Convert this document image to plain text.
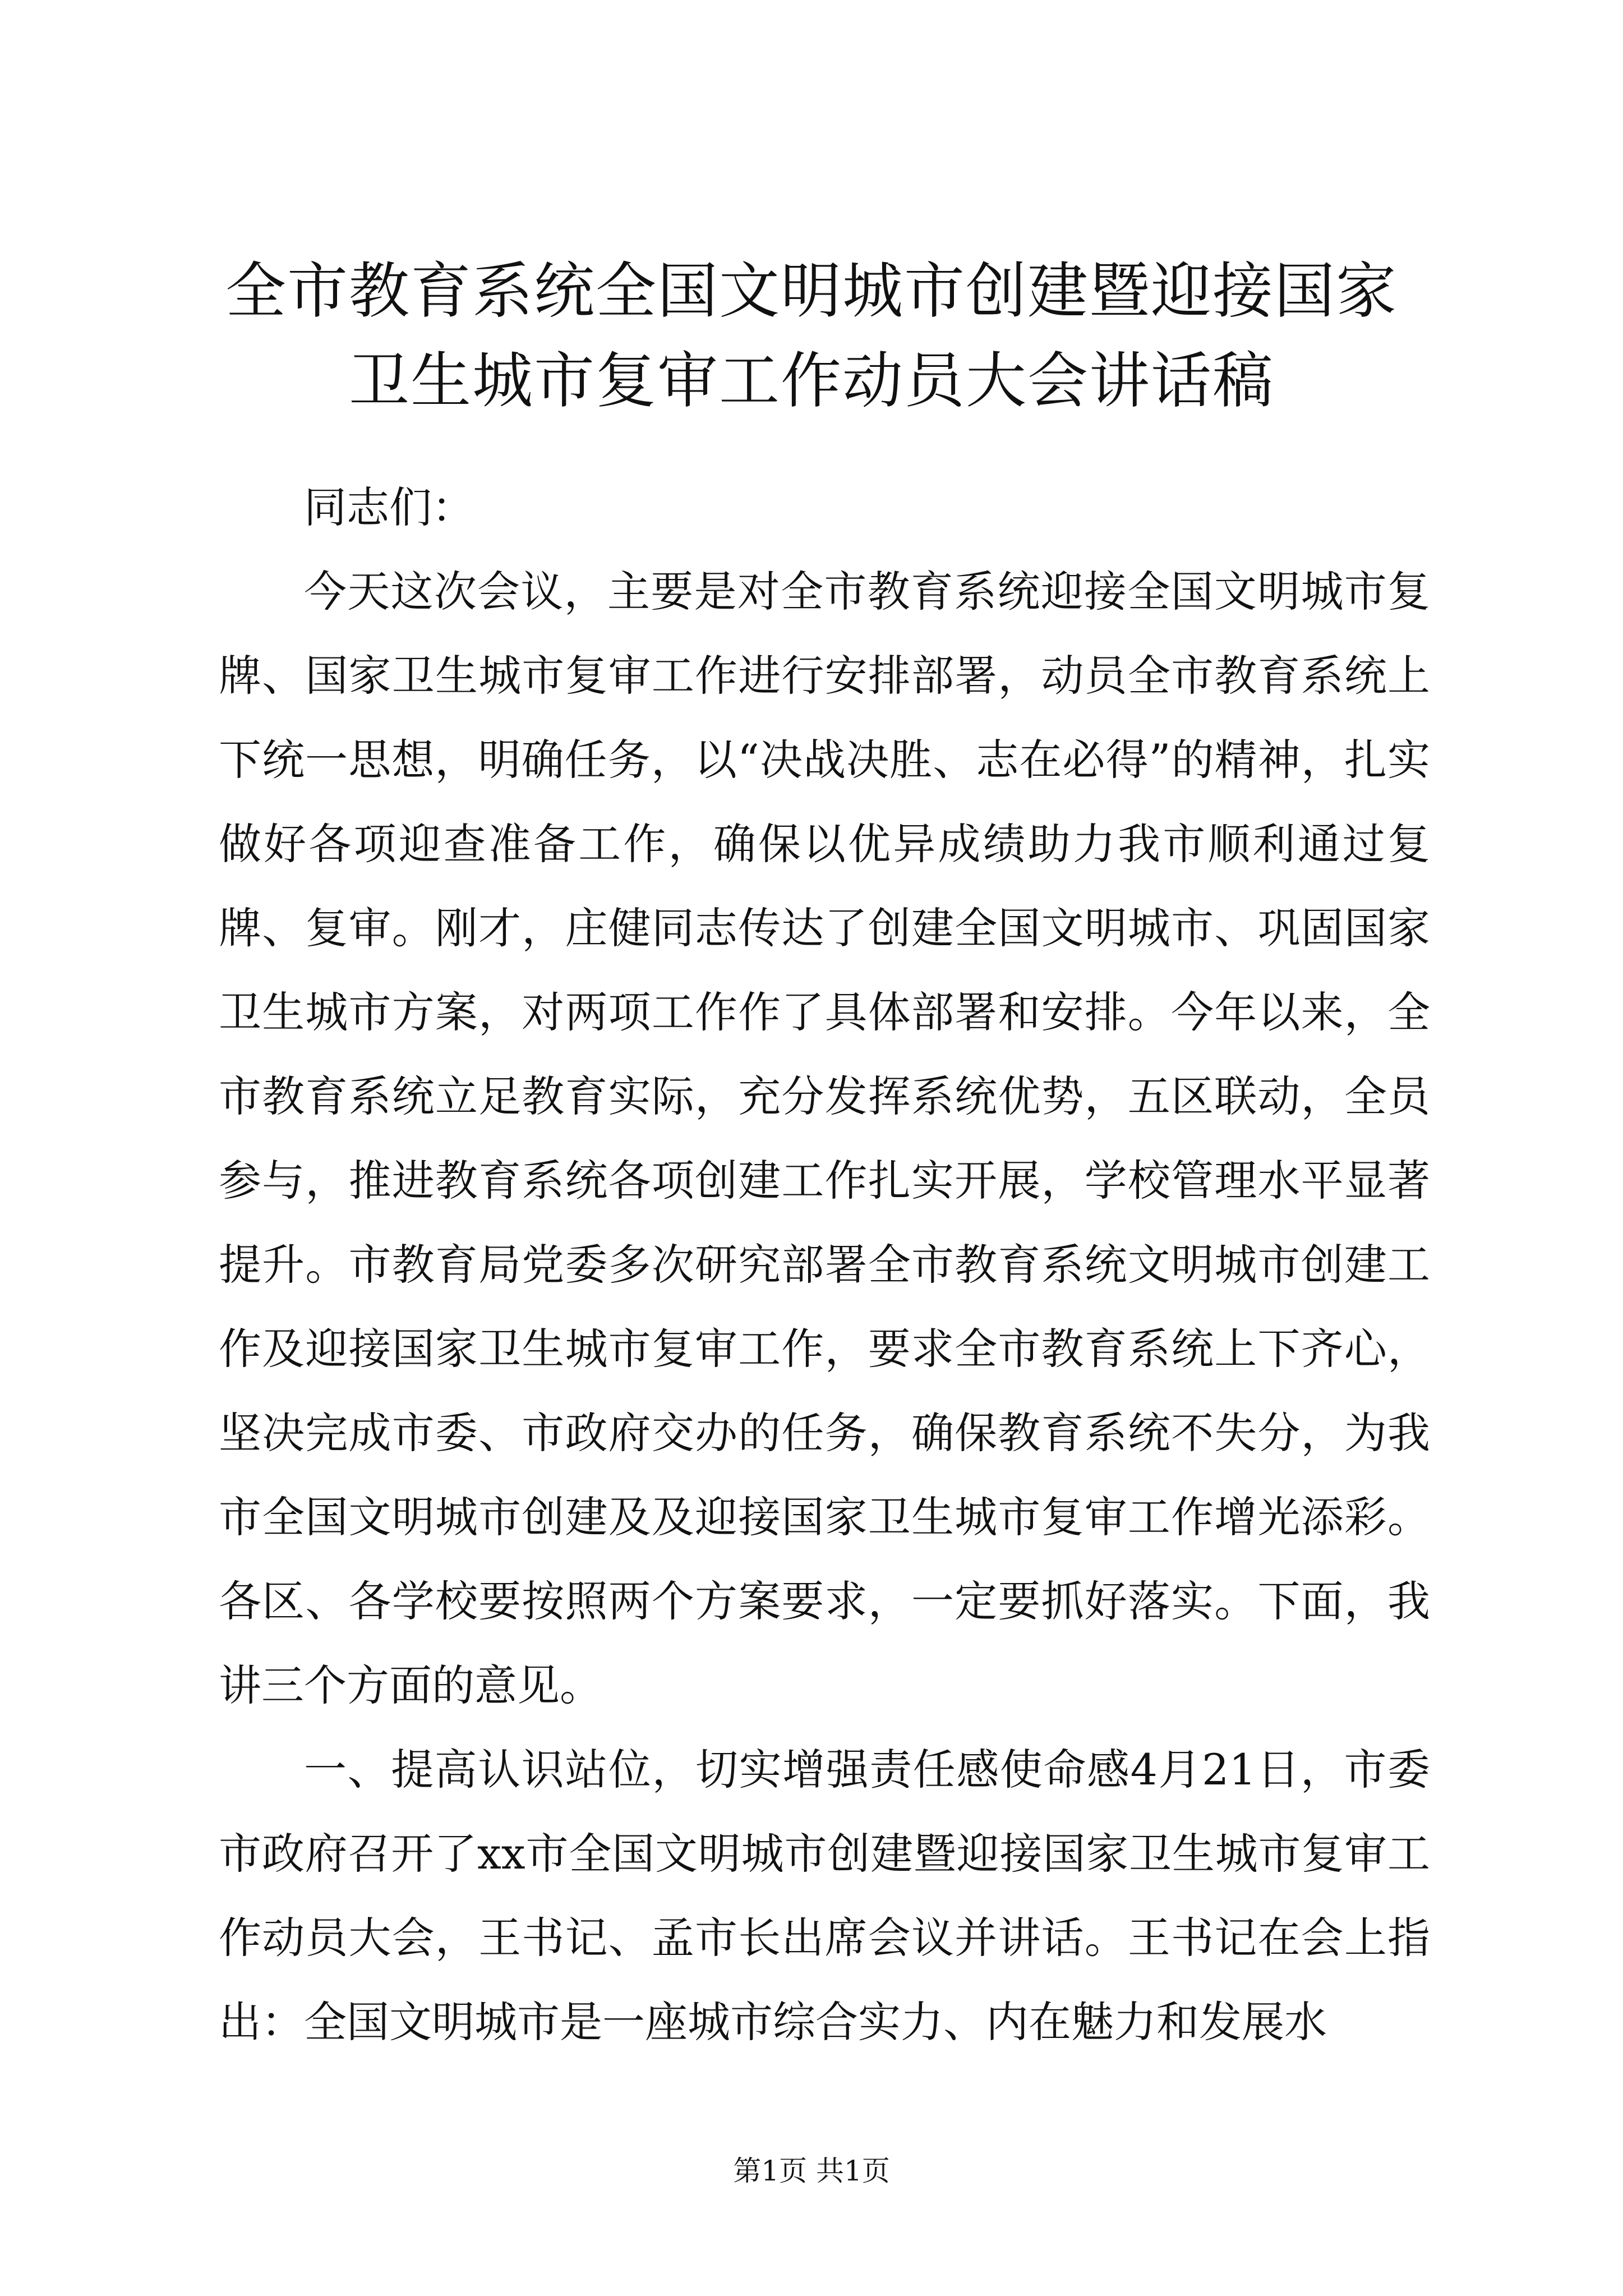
全市教育系统全国文明城市创建暨迎接国家卫生城市复审工作动员大会讲话稿

同志们：

今天这次会议，主要是对全市教育系统迎接全国文明城市复牌、国家卫生城市复审工作进行安排部署，动员全市教育系统上下统一思想，明确任务，以“决战决胜、志在必得”的精神，扎实做好各项迎查准备工作，确保以优异成绩助力我市顺利通过复牌、复审。刚才，庄健同志传达了创建全国文明城市、巩固国家卫生城市方案，对两项工作作了具体部署和安排。今年以来，全市教育系统立足教育实际，充分发挥系统优势，五区联动，全员参与，推进教育系统各项创建工作扎实开展，学校管理水平显著提升。市教育局党委多次研究部署全市教育系统文明城市创建工作及迎接国家卫生城市复审工作，要求全市教育系统上下齐心，坚决完成市委、市政府交办的任务，确保教育系统不失分，为我市全国文明城市创建及及迎接国家卫生城市复审工作增光添彩。各区、各学校要按照两个方案要求，一定要抓好落实。下面，我讲三个方面的意见。

一、提高认识站位，切实增强责任感使命感4月21日，市委市政府召开了xx市全国文明城市创建暨迎接国家卫生城市复审工作动员大会，王书记、孟市长出席会议并讲话。王书记在会上指出：全国文明城市是一座城市综合实力、内在魅力和发展水

第1页 共1页
